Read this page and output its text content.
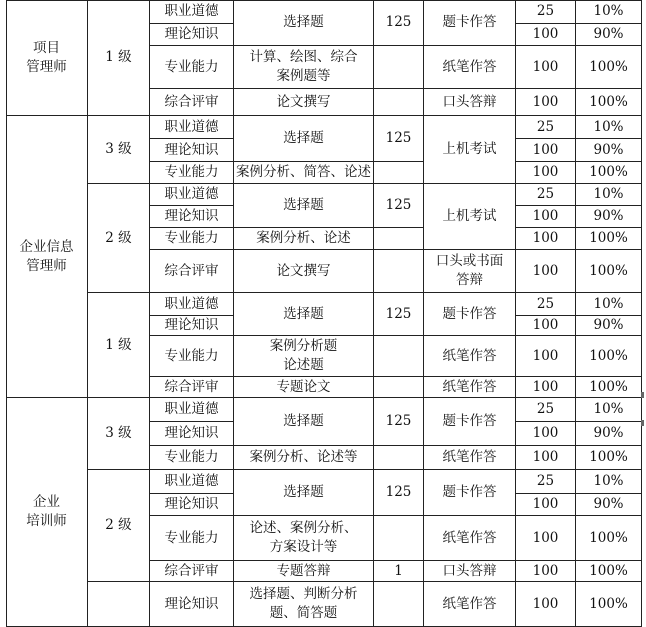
项目
管理师
企业信息
管理师
企业
培训师
1 级
3 级
2 级
1 级
3 级
2 级
职业道德
理论知识
专业能力
综合评审
选择题
计算、绘图、综合
案例题等
论文撰写
125 题卡作答
纸笔作答
口头答辩
25
100
100
100
10%
90%
100%
100%
职业道德
理论知识
专业能力
选择题
案例分析、简答、论述
125
上机考试
25
100
100
10%
90%
100%
职业道德
理论知识
专业能力
综合评审
选择题
案例分析、论述
论文撰写
125
上机考试
口头或书面
答辩
25
100
100
100
10%
90%
100%
100%
职业道德
理论知识
专业能力
综合评审
选择题
案例分析题
论述题
专题论文
125 题卡作答
纸笔作答
纸笔作答
25
100
100
100
10%
90%
100%
100%
职业道德
理论知识
专业能力
选择题
案例分析、论述等
125 题卡作答
纸笔作答
25
100
100
10%
90%
100%
职业道德
理论知识
专业能力
综合评审
选择题
论述、案例分析、
方案设计等
专题答辩
125
1
题卡作答
纸笔作答
口头答辩
25
100
100
100
10%
90%
100%
100%
理论知识
选择题、判断分析
题、简答题
纸笔作答	100 100%
